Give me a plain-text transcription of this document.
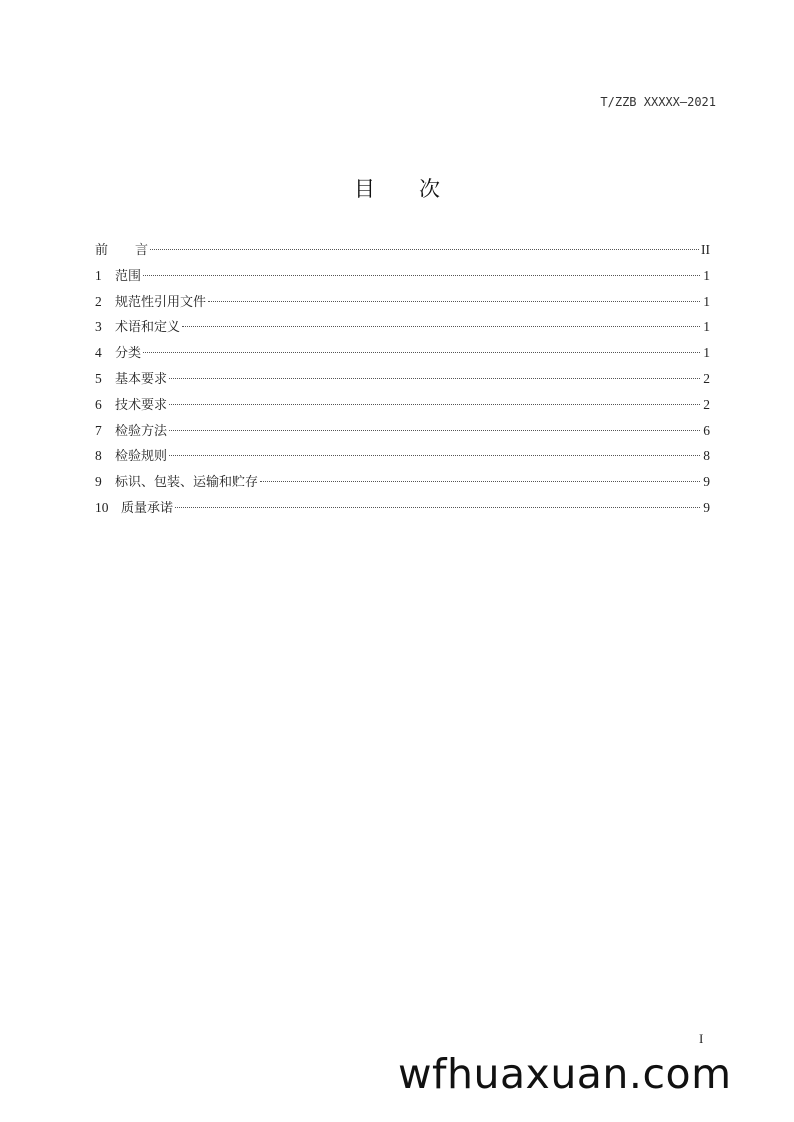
T/ZZB XXXXX—2021
目 次
前 言	II
1	范围	1
2	规范性引用文件	1
3	术语和定义	1
4	分类	1
5	基本要求	2
6	技术要求	2
7	检验方法	6
8	检验规则	8
9	标识、包装、运输和贮存	9
10 质量承诺	9
I
wfhuaxuan.com
